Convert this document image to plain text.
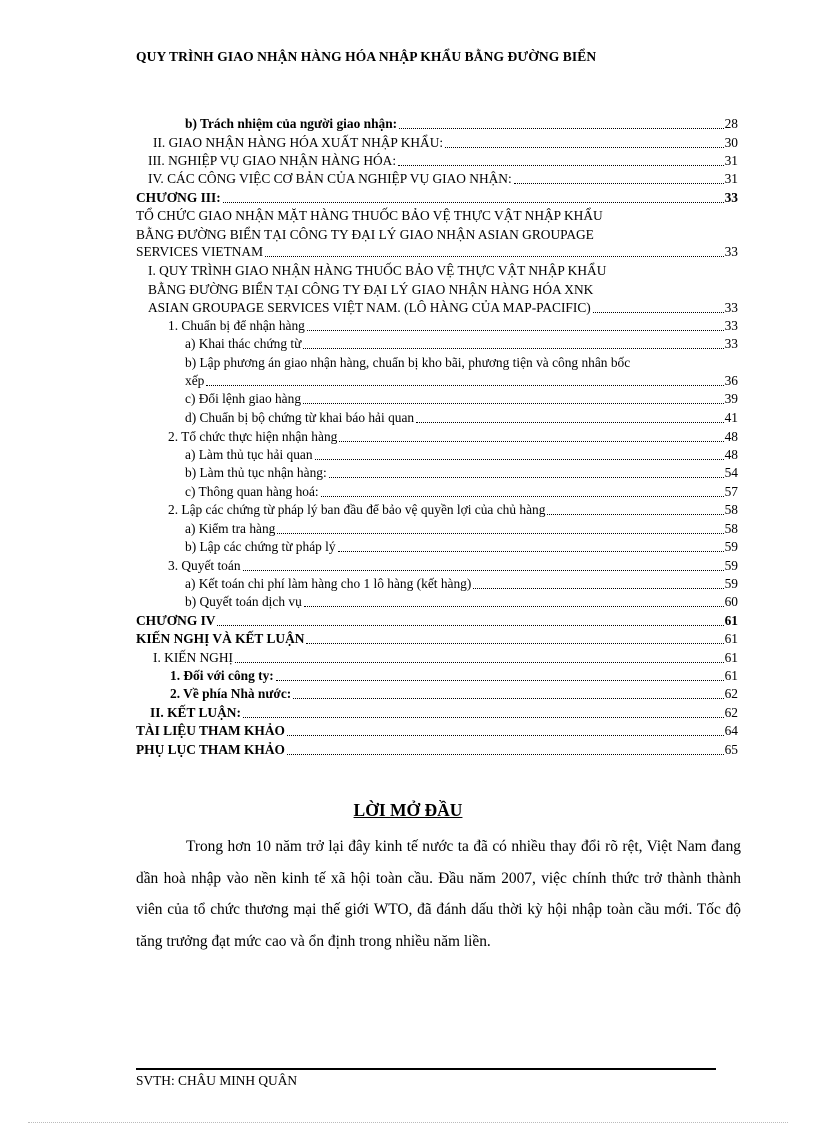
QUY TRÌNH GIAO NHẬN HÀNG HÓA NHẬP KHẨU BẰNG ĐƯỜNG BIỂN
b) Trách nhiệm của người giao nhận:	28
II. GIAO NHẬN HÀNG HÓA XUẤT NHẬP KHẨU:	30
III. NGHIỆP VỤ GIAO NHẬN HÀNG HÓA:	31
IV. CÁC CÔNG VIỆC CƠ BẢN CỦA NGHIỆP VỤ GIAO NHẬN:	31
CHƯƠNG III:	33
TỔ CHỨC GIAO NHẬN MẶT HÀNG THUỐC BẢO VỆ THỰC VẬT NHẬP KHẨU
BẰNG ĐƯỜNG BIỂN TẠI CÔNG TY ĐẠI LÝ GIAO NHẬN ASIAN GROUPAGE
SERVICES VIETNAM	33
I. QUY TRÌNH GIAO NHẬN HÀNG THUỐC BẢO VỆ THỰC VẬT NHẬP KHẨU
BẰNG ĐƯỜNG BIỂN TẠI CÔNG TY ĐẠI LÝ GIAO NHẬN HÀNG HÓA XNK
ASIAN GROUPAGE SERVICES VIỆT NAM. (LÔ HÀNG CỦA MAP-PACIFIC)	33
1. Chuẩn bị để nhận hàng	33
a) Khai thác chứng từ	33
b) Lập phương án giao nhận hàng, chuẩn bị kho bãi, phương tiện và công nhân bốc
xếp	36
c) Đổi lệnh giao hàng	39
d) Chuẩn bị bộ chứng từ khai báo hải quan	41
2. Tổ chức thực hiện nhận hàng	48
a) Làm thủ tục hải quan	48
b) Làm thủ tục nhận hàng:	54
c) Thông quan hàng hoá:	57
2. Lập các chứng từ pháp lý ban đầu để bảo vệ quyền lợi của chủ hàng	58
a) Kiểm tra hàng	58
b) Lập các chứng từ pháp lý	59
3. Quyết toán	59
a) Kết toán chi phí làm hàng cho 1 lô hàng (kết hàng)	59
b) Quyết toán dịch vụ	60
CHƯƠNG IV	61
KIẾN NGHỊ VÀ KẾT LUẬN	61
I. KIẾN NGHỊ	61
1. Đối với công ty:	61
2. Về phía Nhà nước:	62
II. KẾT LUẬN:	62
TÀI LIỆU THAM KHẢO	64
PHỤ LỤC THAM KHẢO	65
LỜI MỞ ĐẦU
Trong hơn 10 năm trở lại đây kinh tế nước ta đã có nhiều thay đổi rõ rệt, Việt Nam đang dần hoà nhập vào nền kinh tế xã hội toàn cầu. Đầu năm 2007, việc chính thức trở thành thành viên của tổ chức thương mại thế giới WTO, đã đánh dấu thời kỳ hội nhập toàn cầu mới. Tốc độ tăng trưởng đạt mức cao và ổn định trong nhiều năm liền.
SVTH: CHÂU MINH QUÂN
